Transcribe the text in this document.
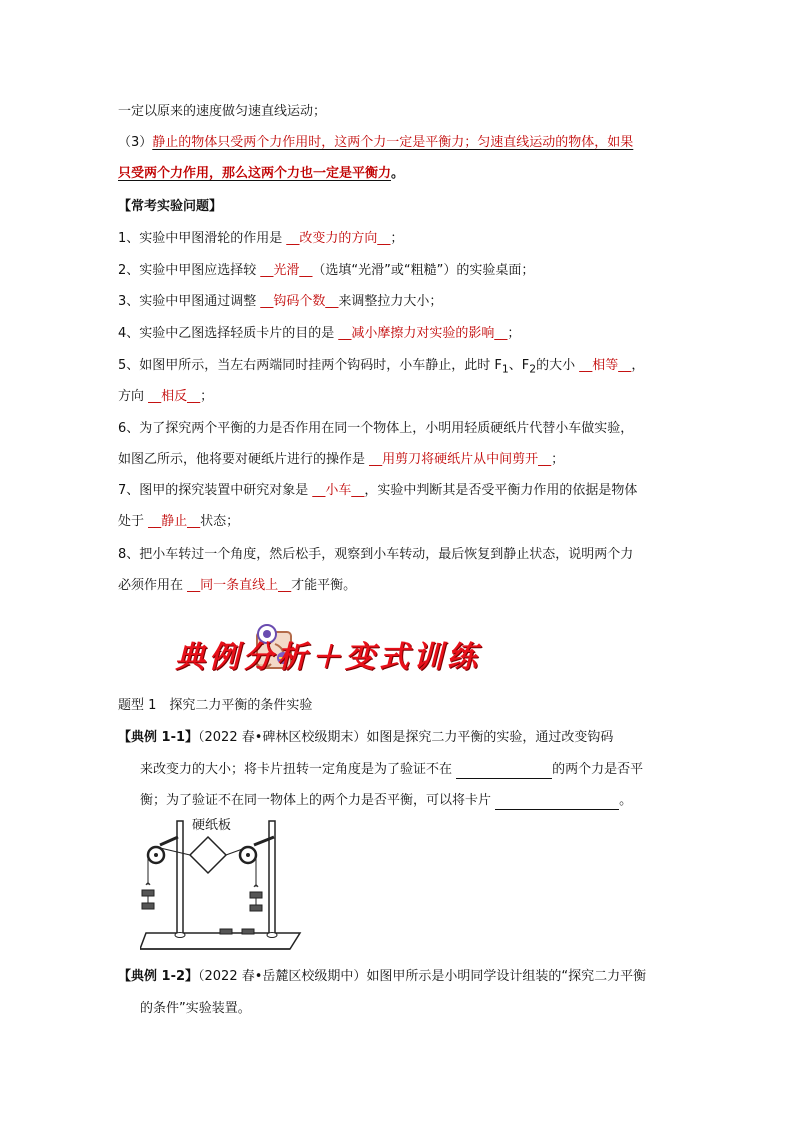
一定以原来的速度做匀速直线运动；
（3）静止的物体只受两个力作用时，这两个力一定是平衡力；匀速直线运动的物体，如果
只受两个力作用，那么这两个力也一定是平衡力。
【常考实验问题】
1、实验中甲图滑轮的作用是 __改变力的方向__；
2、实验中甲图应选择较 __光滑__（选填“光滑”或“粗糙”）的实验桌面；
3、实验中甲图通过调整 __钩码个数__来调整拉力大小；
4、实验中乙图选择轻质卡片的目的是 __减小摩擦力对实验的影响__；
5、如图甲所示，当左右两端同时挂两个钩码时，小车静止，此时 $F_1$、$F_2$的大小 __相等__，
方向 __相反__；
6、为了探究两个平衡的力是否作用在同一个物体上，小明用轻质硬纸片代替小车做实验，
如图乙所示，他将要对硬纸片进行的操作是 __用剪刀将硬纸片从中间剪开__；
7、图甲的探究装置中研究对象是 __小车__，实验中判断其是否受平衡力作用的依据是物体
处于 __静止__状态；
8、把小车转过一个角度，然后松手，观察到小车转动，最后恢复到静止状态，说明两个力
必须作用在 __同一条直线上__才能平衡。
典例分析＋变式训练
题型 1　探究二力平衡的条件实验
【典例 1-1】（2022 春•碑林区校级期末）如图是探究二力平衡的实验，通过改变钩码
来改变力的大小；将卡片扭转一定角度是为了验证不在	的两个力是否平
衡；为了验证不在同一物体上的两个力是否平衡，可以将卡片	。
硬纸板
【典例 1-2】（2022 春•岳麓区校级期中）如图甲所示是小明同学设计组装的“探究二力平衡
的条件”实验装置。
